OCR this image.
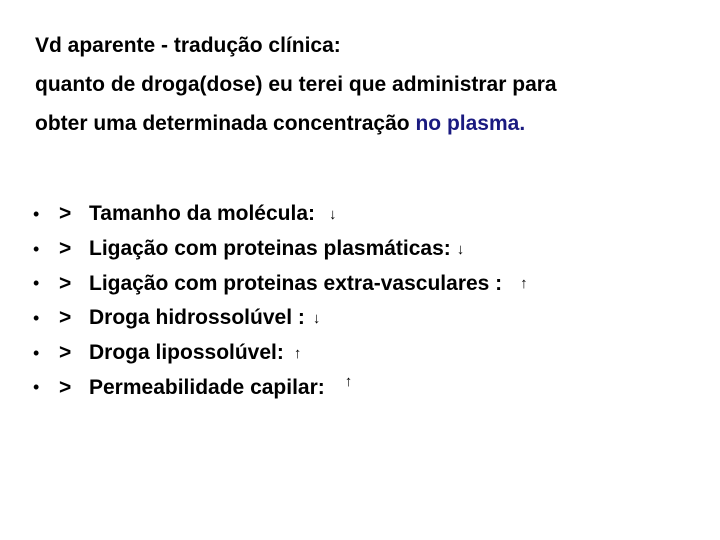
Vd aparente - tradução clínica:
quanto de droga(dose) eu terei que administrar para
obter uma determinada concentração no plasma.
• > Tamanho da molécula: ↓
• > Ligação com proteinas plasmáticas: ↓
• > Ligação com proteinas extra-vasculares : ↑
• > Droga hidrossolúvel : ↓
• > Droga lipossolúvel: ↑
• > Permeabilidade capilar: ↑
